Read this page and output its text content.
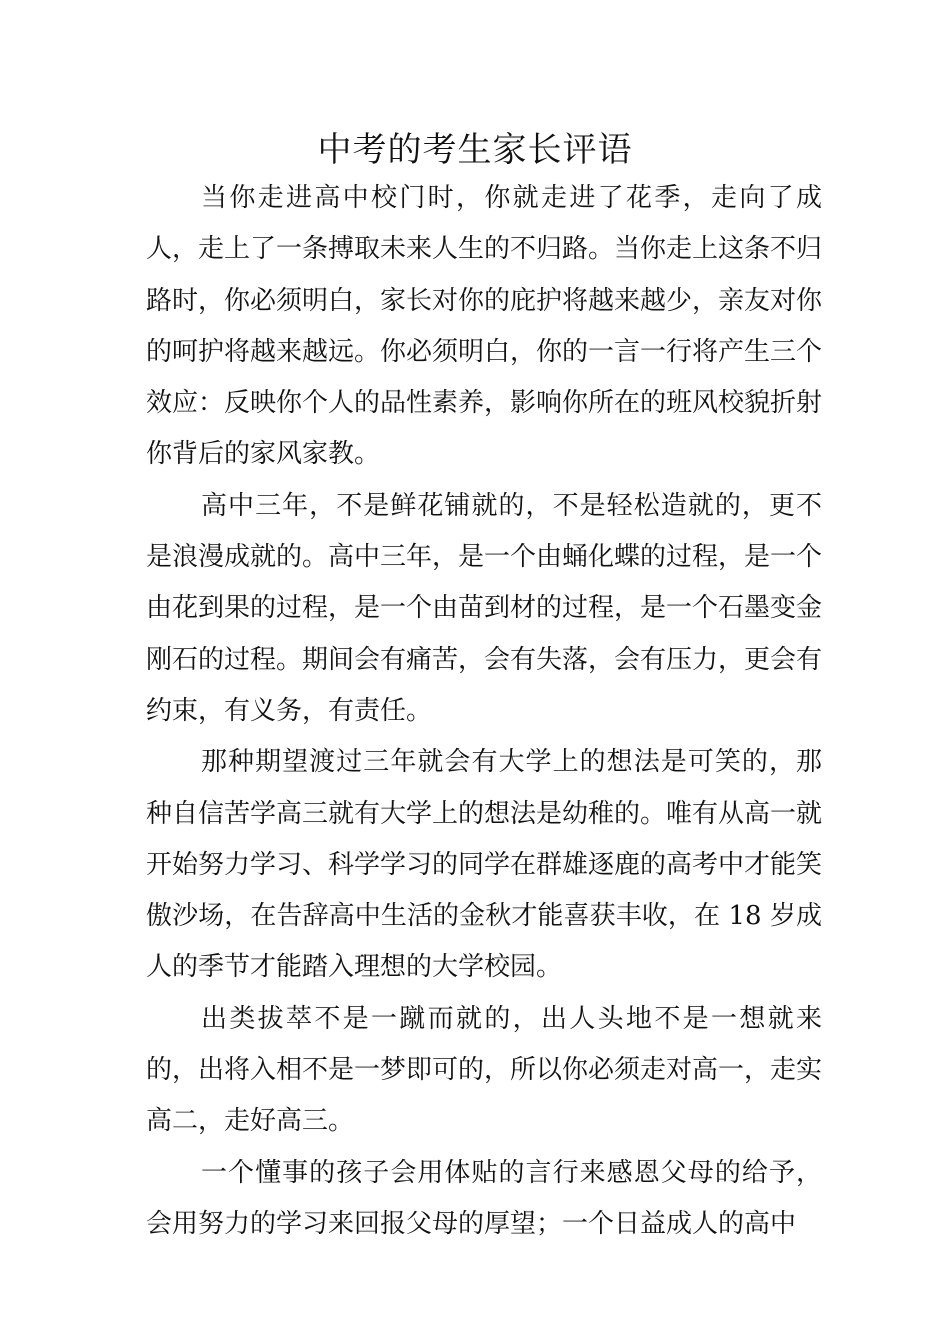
中考的考生家长评语

当你走进高中校门时，你就走进了花季，走向了成人，走上了一条搏取未来人生的不归路。当你走上这条不归路时，你必须明白，家长对你的庇护将越来越少，亲友对你的呵护将越来越远。你必须明白，你的一言一行将产生三个效应：反映你个人的品性素养，影响你所在的班风校貌折射你背后的家风家教。

高中三年，不是鲜花铺就的，不是轻松造就的，更不是浪漫成就的。高中三年，是一个由蛹化蝶的过程，是一个由花到果的过程，是一个由苗到材的过程，是一个石墨变金刚石的过程。期间会有痛苦，会有失落，会有压力，更会有约束，有义务，有责任。

那种期望渡过三年就会有大学上的想法是可笑的，那种自信苦学高三就有大学上的想法是幼稚的。唯有从高一就开始努力学习、科学学习的同学在群雄逐鹿的高考中才能笑傲沙场，在告辞高中生活的金秋才能喜获丰收，在 18 岁成人的季节才能踏入理想的大学校园。

出类拔萃不是一蹴而就的，出人头地不是一想就来的，出将入相不是一梦即可的，所以你必须走对高一，走实高二，走好高三。

一个懂事的孩子会用体贴的言行来感恩父母的给予，会用努力的学习来回报父母的厚望；一个日益成人的高中
